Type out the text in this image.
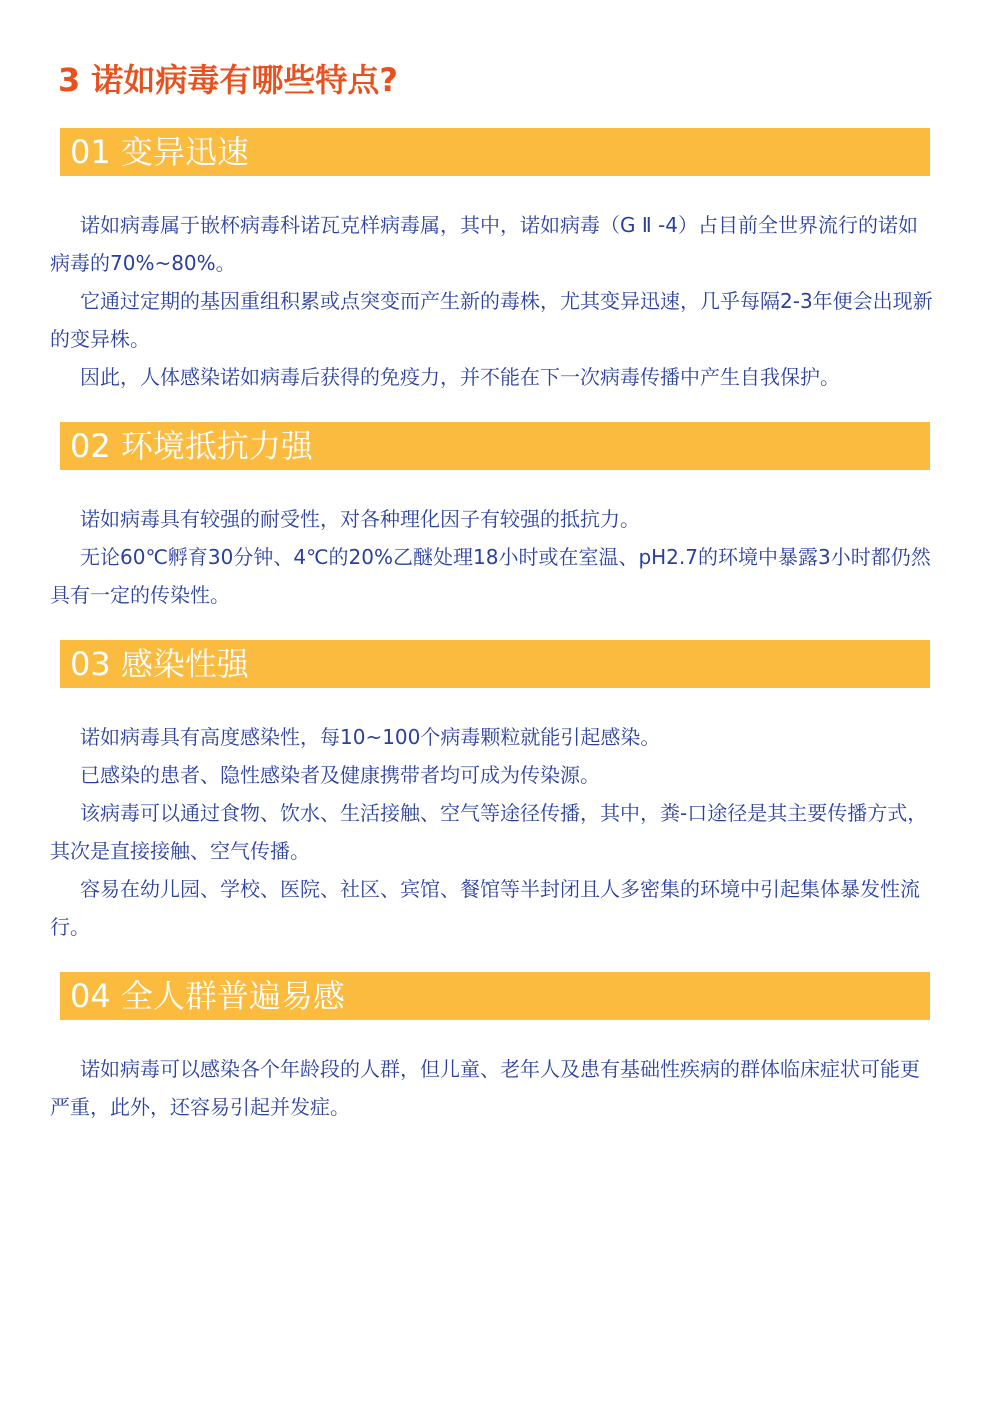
3 诺如病毒有哪些特点?
01 变异迅速

诺如病毒属于嵌杯病毒科诺瓦克样病毒属，其中，诺如病毒（G Ⅱ -4）占目前全世界流行的诺如病毒的70%~80%。

它通过定期的基因重组积累或点突变而产生新的毒株，尤其变异迅速，几乎每隔2-3年便会出现新的变异株。

因此，人体感染诺如病毒后获得的免疫力，并不能在下一次病毒传播中产生自我保护。

02 环境抵抗力强

诺如病毒具有较强的耐受性，对各种理化因子有较强的抵抗力。

无论60℃孵育30分钟、4℃的20%乙醚处理18小时或在室温、pH2.7的环境中暴露3小时都仍然具有一定的传染性。

03 感染性强

诺如病毒具有高度感染性，每10~100个病毒颗粒就能引起感染。

已感染的患者、隐性感染者及健康携带者均可成为传染源。

该病毒可以通过食物、饮水、生活接触、空气等途径传播，其中，粪-口途径是其主要传播方式，其次是直接接触、空气传播。

容易在幼儿园、学校、医院、社区、宾馆、餐馆等半封闭且人多密集的环境中引起集体暴发性流行。

04 全人群普遍易感

诺如病毒可以感染各个年龄段的人群，但儿童、老年人及患有基础性疾病的群体临床症状可能更严重，此外，还容易引起并发症。
